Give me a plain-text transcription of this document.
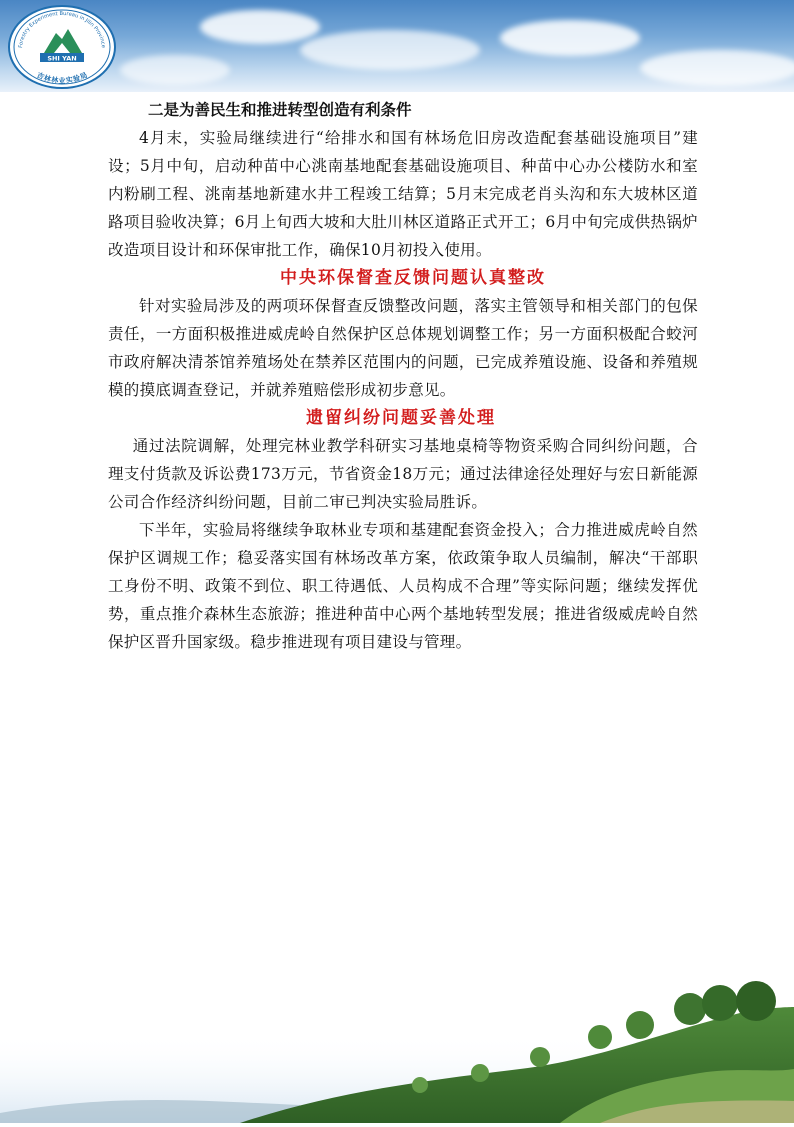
Forestry Experiment Bureau in Jilin Province
吉林林业实验局
SHI YAN
二是为善民生和推进转型创造有利条件

4月末，实验局继续进行“给排水和国有林场危旧房改造配套基础设施项目”建设；5月中旬，启动种苗中心洮南基地配套基础设施项目、种苗中心办公楼防水和室内粉刷工程、洮南基地新建水井工程竣工结算；5月末完成老肖头沟和东大坡林区道路项目验收决算；6月上旬西大坡和大肚川林区道路正式开工；6月中旬完成供热锅炉改造项目设计和环保审批工作，确保10月初投入使用。

中央环保督查反馈问题认真整改

针对实验局涉及的两项环保督查反馈整改问题，落实主管领导和相关部门的包保责任，一方面积极推进威虎岭自然保护区总体规划调整工作；另一方面积极配合蛟河市政府解决清茶馆养殖场处在禁养区范围内的问题，已完成养殖设施、设备和养殖规模的摸底调查登记，并就养殖赔偿形成初步意见。

遗留纠纷问题妥善处理

通过法院调解，处理完林业教学科研实习基地桌椅等物资采购合同纠纷问题，合理支付货款及诉讼费173万元，节省资金18万元；通过法律途径处理好与宏日新能源公司合作经济纠纷问题，目前二审已判决实验局胜诉。

下半年，实验局将继续争取林业专项和基建配套资金投入；合力推进威虎岭自然保护区调规工作；稳妥落实国有林场改革方案，依政策争取人员编制，解决“干部职工身份不明、政策不到位、职工待遇低、人员构成不合理”等实际问题；继续发挥优势，重点推介森林生态旅游；推进种苗中心两个基地转型发展；推进省级威虎岭自然保护区晋升国家级。稳步推进现有项目建设与管理。
